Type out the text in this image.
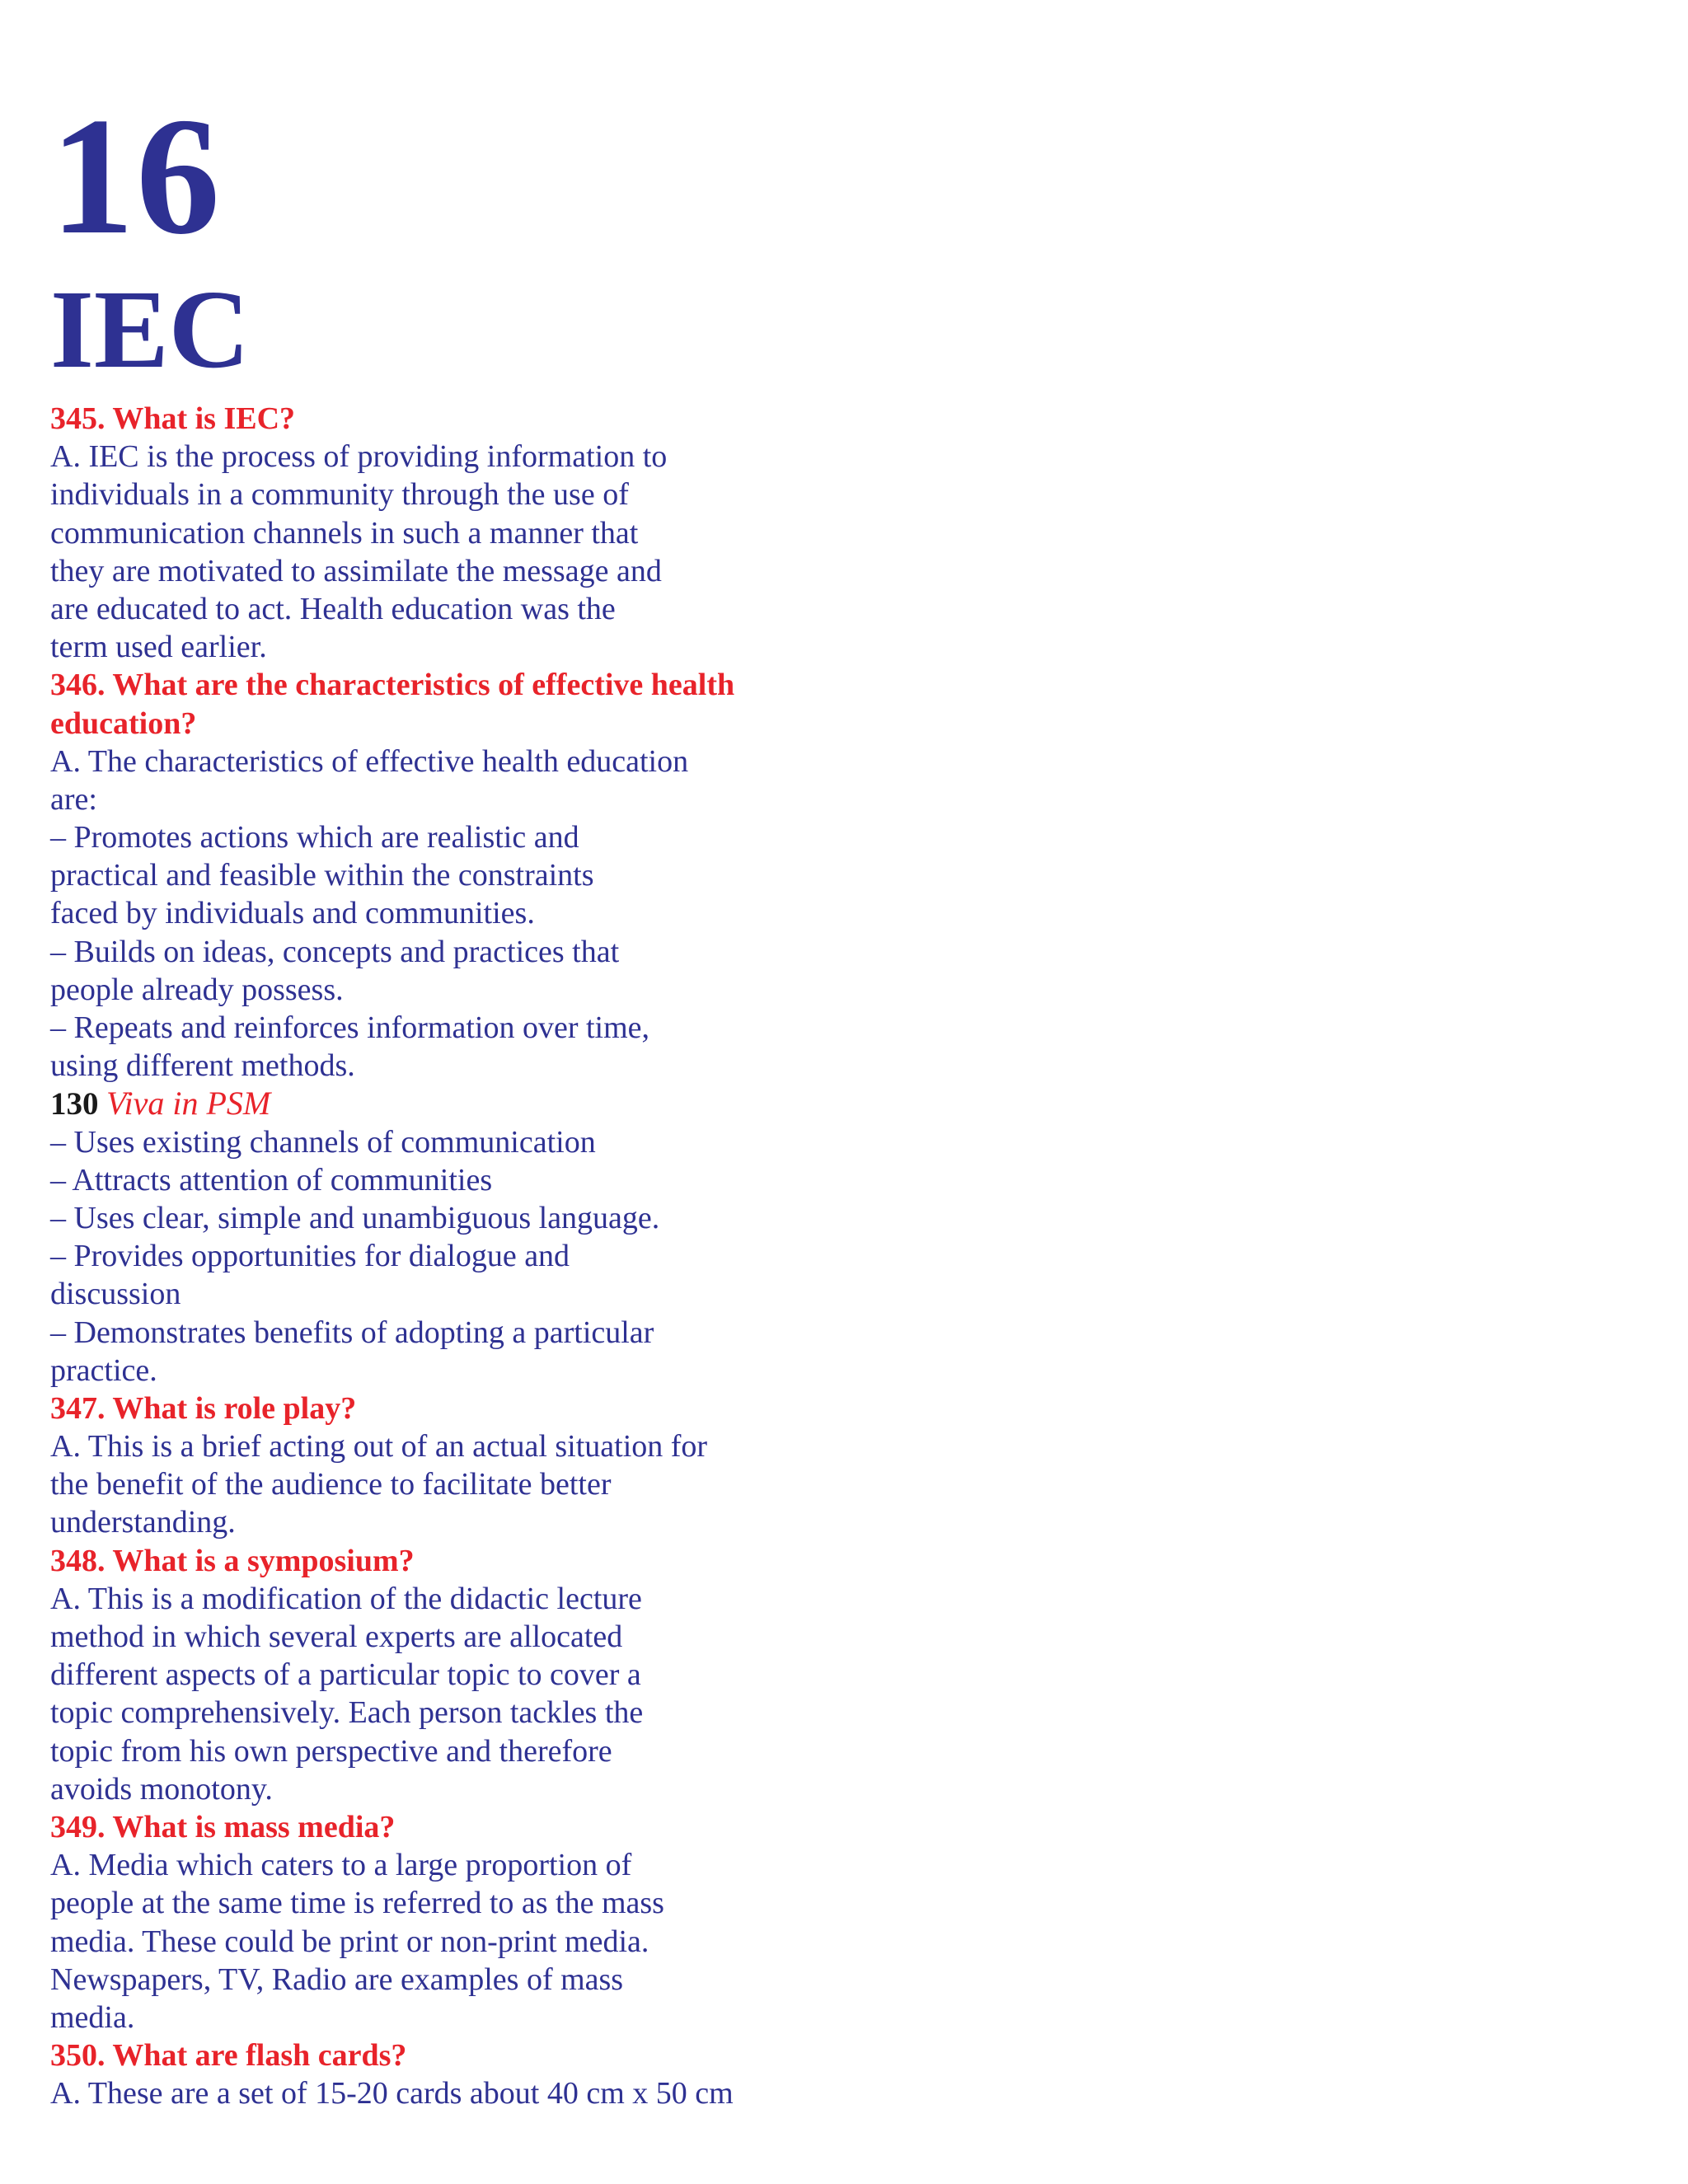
16
IEC
345. What is IEC?
A. IEC is the process of providing information to
individuals in a community through the use of
communication channels in such a manner that
they are motivated to assimilate the message and
are educated to act. Health education was the
term used earlier.
346. What are the characteristics of effective health
education?
A. The characteristics of effective health education
are:
– Promotes actions which are realistic and
practical and feasible within the constraints
faced by individuals and communities.
– Builds on ideas, concepts and practices that
people already possess.
– Repeats and reinforces information over time,
using different methods.
130 Viva in PSM
– Uses existing channels of communication
– Attracts attention of communities
– Uses clear, simple and unambiguous language.
– Provides opportunities for dialogue and
discussion
– Demonstrates benefits of adopting a particular
practice.
347. What is role play?
A. This is a brief acting out of an actual situation for
the benefit of the audience to facilitate better
understanding.
348. What is a symposium?
A. This is a modification of the didactic lecture
method in which several experts are allocated
different aspects of a particular topic to cover a
topic comprehensively. Each person tackles the
topic from his own perspective and therefore
avoids monotony.
349. What is mass media?
A. Media which caters to a large proportion of
people at the same time is referred to as the mass
media. These could be print or non-print media.
Newspapers, TV, Radio are examples of mass
media.
350. What are flash cards?
A. These are a set of 15-20 cards about 40 cm x 50 cm
